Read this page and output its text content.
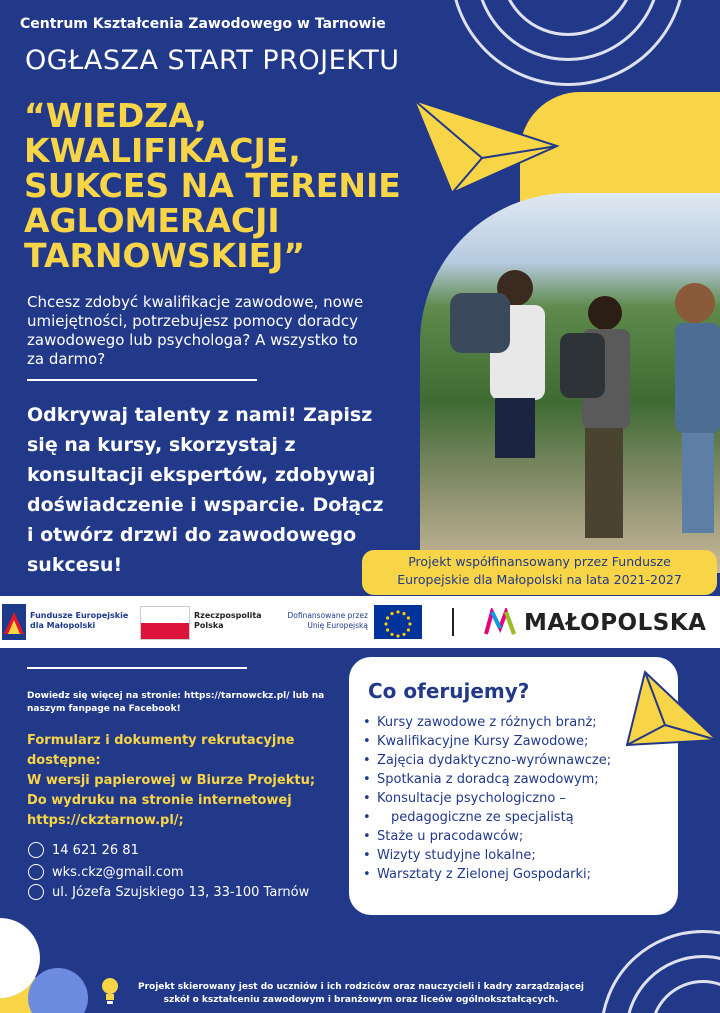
Centrum Kształcenia Zawodowego w Tarnowie
OGŁASZA START PROJEKTU
“WIEDZA,
KWALIFIKACJE,
SUKCES NA TERENIE
AGLOMERACJI
TARNOWSKIEJ”
Chcesz zdobyć kwalifikacje zawodowe, nowe
umiejętności, potrzebujesz pomocy doradcy
zawodowego lub psychologa? A wszystko to
za darmo?
Odkrywaj talenty z nami! Zapisz
się na kursy, skorzystaj z
konsultacji ekspertów, zdobywaj
doświadczenie i wsparcie. Dołącz
i otwórz drzwi do zawodowego
sukcesu!	Projekt współfinansowany przez Fundusze
Europejskie dla Małopolski na lata 2021-2027
Fundusze Europejskie
dla Małopolski
Rzeczpospolita
Polska
Dofinansowane przez
Unię Europejską	MAŁOPOLSKA
Dowiedz się więcej na stronie: https://tarnowckz.pl/ lub na
naszym fanpage na Facebook!
Formularz i dokumenty rekrutacyjne
dostępne:
W wersji papierowej w Biurze Projektu;
Do wydruku na stronie internetowej
https://ckztarnow.pl/;
14 621 26 81
wks.ckz@gmail.com
ul. Józefa Szujskiego 13, 33-100 Tarnów
Co oferujemy?
• Kursy zawodowe z różnych branż;
• Kwalifikacyjne Kursy Zawodowe;
• Zajęcia dydaktyczno-wyrównawcze;
• Spotkania z doradcą zawodowym;
• Konsultacje psychologiczno –
• pedagogiczne ze specjalistą
• Staże u pracodawców;
• Wizyty studyjne lokalne;
• Warsztaty z Zielonej Gospodarki;
Projekt skierowany jest do uczniów i ich rodziców oraz nauczycieli i kadry zarządzającej
szkół o kształceniu zawodowym i branżowym oraz liceów ogólnokształcących.
